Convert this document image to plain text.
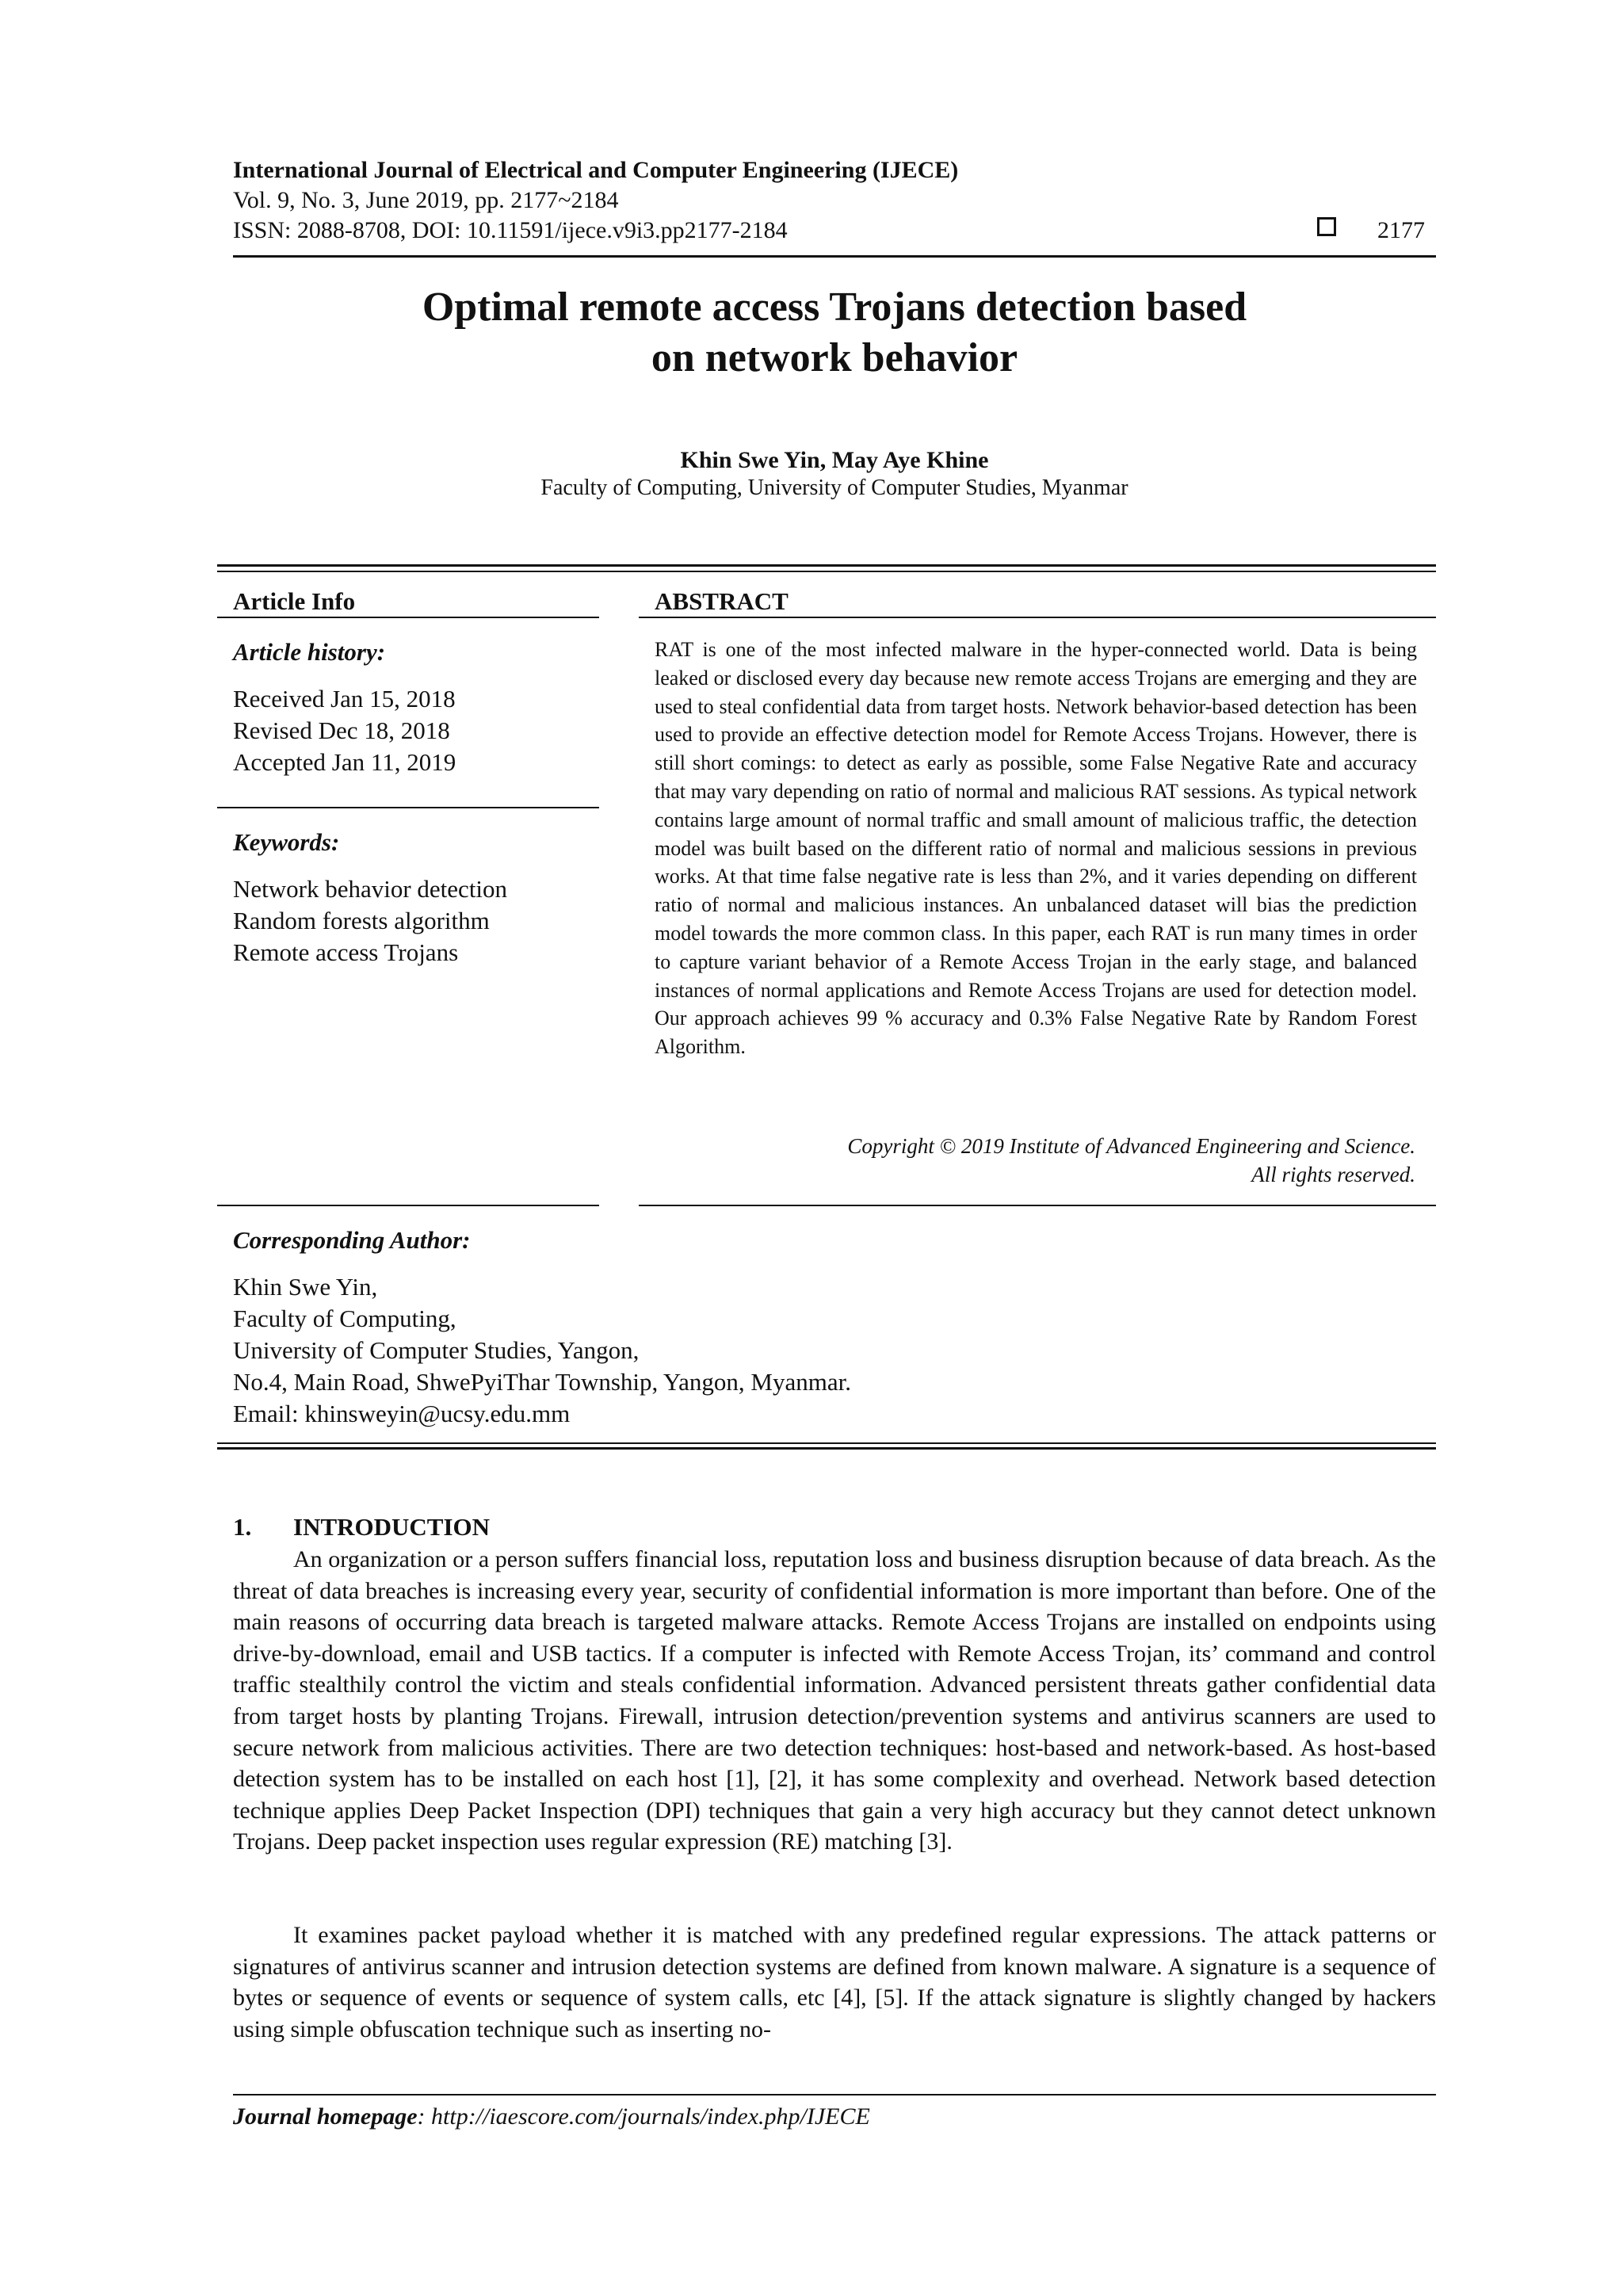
International Journal of Electrical and Computer Engineering (IJECE)
Vol. 9, No. 3, June 2019, pp. 2177~2184
ISSN: 2088-8708, DOI: 10.11591/ijece.v9i3.pp2177-2184	2177
Optimal remote access Trojans detection based
on network behavior
Khin Swe Yin, May Aye Khine
Faculty of Computing, University of Computer Studies, Myanmar
Article Info
Article history:
Received Jan 15, 2018
Revised Dec 18, 2018
Accepted Jan 11, 2019
Keywords:
Network behavior detection
Random forests algorithm
Remote access Trojans
ABSTRACT
RAT is one of the most infected malware in the hyper-connected world. Data is being leaked or disclosed every day because new remote access Trojans are emerging and they are used to steal confidential data from target hosts. Network behavior-based detection has been used to provide an effective detection model for Remote Access Trojans. However, there is still short comings: to detect as early as possible, some False Negative Rate and accuracy that may vary depending on ratio of normal and malicious RAT sessions. As typical network contains large amount of normal traffic and small amount of malicious traffic, the detection model was built based on the different ratio of normal and malicious sessions in previous works. At that time false negative rate is less than 2%, and it varies depending on different ratio of normal and malicious instances. An unbalanced dataset will bias the prediction model towards the more common class. In this paper, each RAT is run many times in order to capture variant behavior of a Remote Access Trojan in the early stage, and balanced instances of normal applications and Remote Access Trojans are used for detection model. Our approach achieves 99 % accuracy and 0.3% False Negative Rate by Random Forest Algorithm.
Copyright © 2019 Institute of Advanced Engineering and Science.
All rights reserved.
Corresponding Author:
Khin Swe Yin,
Faculty of Computing,
University of Computer Studies, Yangon,
No.4, Main Road, ShwePyiThar Township, Yangon, Myanmar.
Email: khinsweyin@ucsy.edu.mm
1. INTRODUCTION
An organization or a person suffers financial loss, reputation loss and business disruption because of data breach. As the threat of data breaches is increasing every year, security of confidential information is more important than before. One of the main reasons of occurring data breach is targeted malware attacks. Remote Access Trojans are installed on endpoints using drive-by-download, email and USB tactics. If a computer is infected with Remote Access Trojan, its’ command and control traffic stealthily control the victim and steals confidential information. Advanced persistent threats gather confidential data from target hosts by planting Trojans. Firewall, intrusion detection/prevention systems and antivirus scanners are used to secure network from malicious activities. There are two detection techniques: host-based and network-based. As host-based detection system has to be installed on each host [1], [2], it has some complexity and overhead. Network based detection technique applies Deep Packet Inspection (DPI) techniques that gain a very high accuracy but they cannot detect unknown Trojans. Deep packet inspection uses regular expression (RE) matching [3].
It examines packet payload whether it is matched with any predefined regular expressions. The attack patterns or signatures of antivirus scanner and intrusion detection systems are defined from known malware. A signature is a sequence of bytes or sequence of events or sequence of system calls, etc [4], [5]. If the attack signature is slightly changed by hackers using simple obfuscation technique such as inserting no-
Journal homepage: http://iaescore.com/journals/index.php/IJECE
